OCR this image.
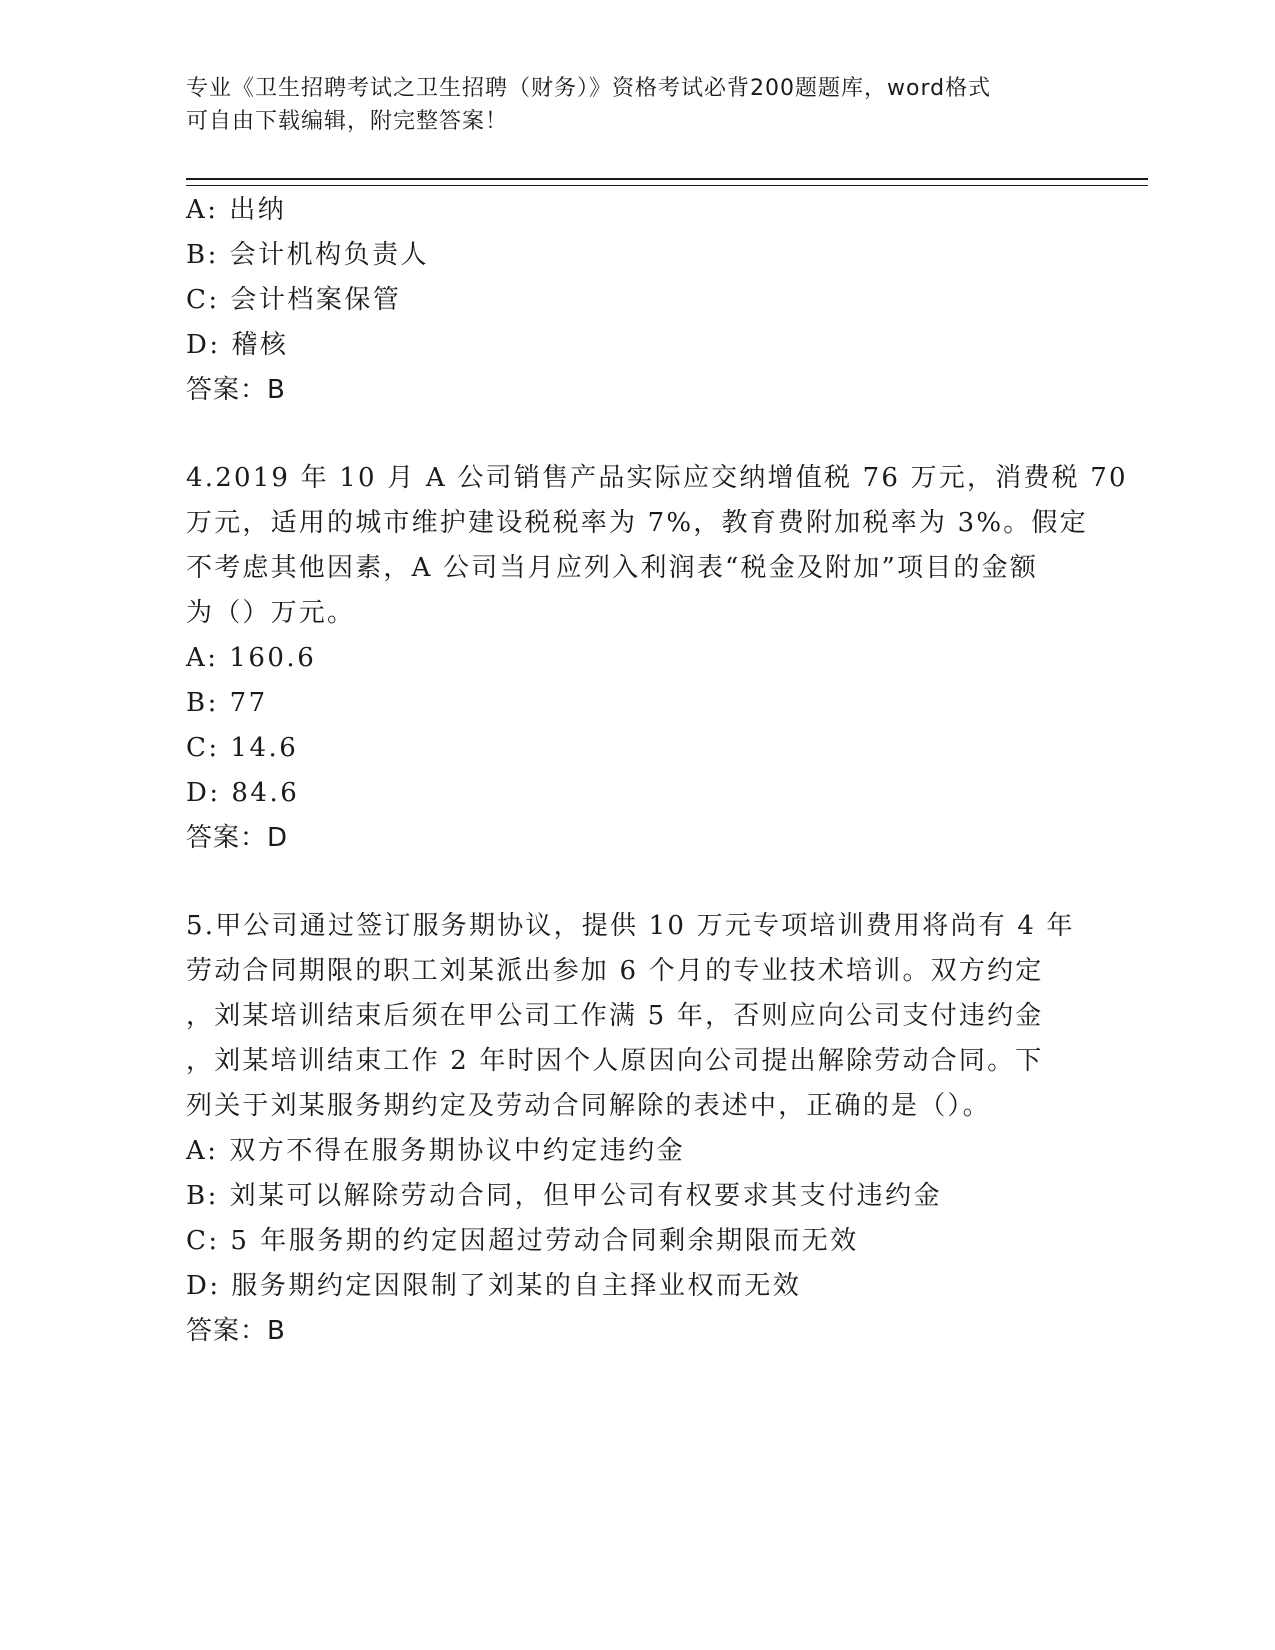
专业《卫生招聘考试之卫生招聘（财务）》资格考试必背200题题库，word格式
可自由下载编辑，附完整答案！
A: 出纳
B: 会计机构负责人
C: 会计档案保管
D: 稽核
答案：B
4.2019 年 10 月 A 公司销售产品实际应交纳增值税 76 万元，消费税 70
万元，适用的城市维护建设税税率为 7%，教育费附加税率为 3%。假定
不考虑其他因素，A 公司当月应列入利润表“税金及附加”项目的金额
为（）万元。
A: 160.6
B: 77
C: 14.6
D: 84.6
答案：D
5.甲公司通过签订服务期协议，提供 10 万元专项培训费用将尚有 4 年
劳动合同期限的职工刘某派出参加 6 个月的专业技术培训。双方约定
，刘某培训结束后须在甲公司工作满 5 年，否则应向公司支付违约金
，刘某培训结束工作 2 年时因个人原因向公司提出解除劳动合同。下
列关于刘某服务期约定及劳动合同解除的表述中，正确的是（）。
A: 双方不得在服务期协议中约定违约金
B: 刘某可以解除劳动合同，但甲公司有权要求其支付违约金
C: 5 年服务期的约定因超过劳动合同剩余期限而无效
D: 服务期约定因限制了刘某的自主择业权而无效
答案：B
